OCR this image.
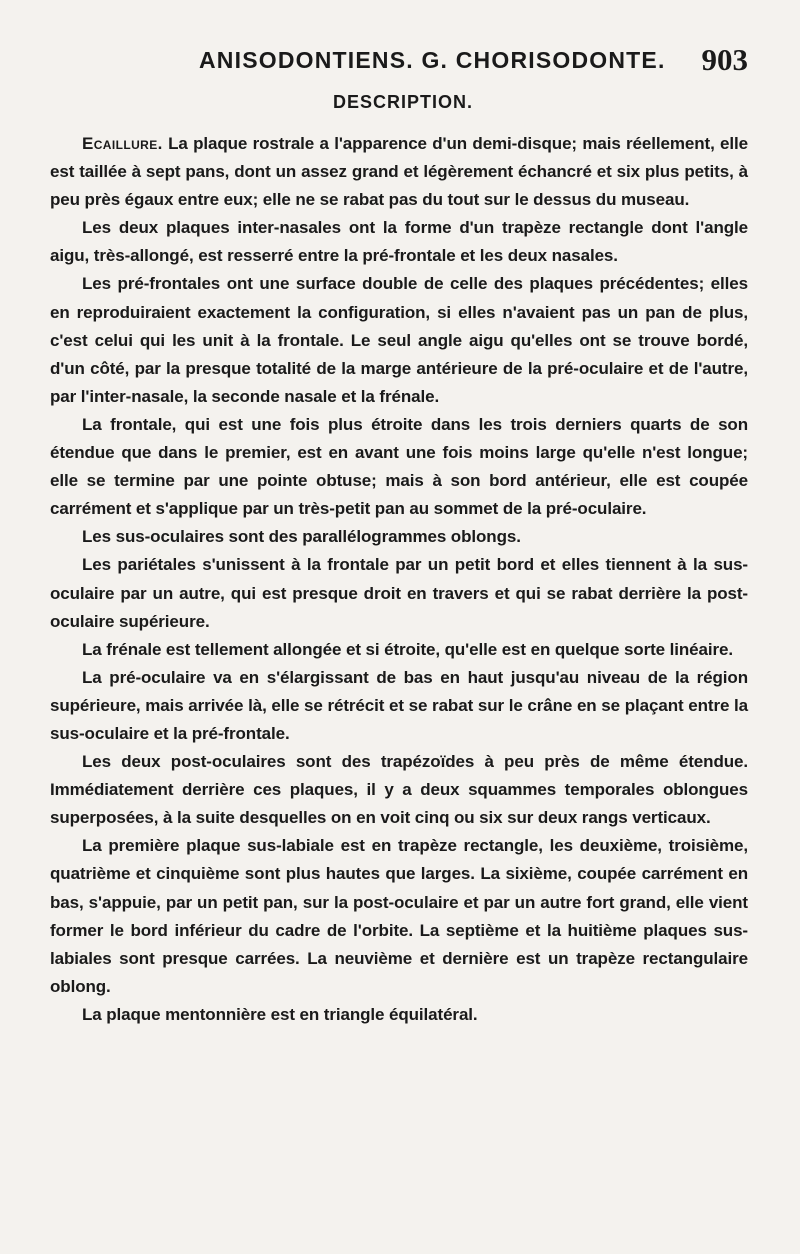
ANISODONTIENS. G. CHORISODONTE. 903
DESCRIPTION.

Ecaillure. La plaque rostrale a l'apparence d'un demi-disque; mais réellement, elle est taillée à sept pans, dont un assez grand et légèrement échancré et six plus petits, à peu près égaux entre eux; elle ne se rabat pas du tout sur le dessus du museau.

Les deux plaques inter-nasales ont la forme d'un trapèze rectangle dont l'angle aigu, très-allongé, est resserré entre la pré-frontale et les deux nasales.

Les pré-frontales ont une surface double de celle des plaques précédentes; elles en reproduiraient exactement la configuration, si elles n'avaient pas un pan de plus, c'est celui qui les unit à la frontale. Le seul angle aigu qu'elles ont se trouve bordé, d'un côté, par la presque totalité de la marge antérieure de la pré-oculaire et de l'autre, par l'inter-nasale, la seconde nasale et la frénale.

La frontale, qui est une fois plus étroite dans les trois derniers quarts de son étendue que dans le premier, est en avant une fois moins large qu'elle n'est longue; elle se termine par une pointe obtuse; mais à son bord antérieur, elle est coupée carrément et s'applique par un très-petit pan au sommet de la pré-oculaire.

Les sus-oculaires sont des parallélogrammes oblongs.

Les pariétales s'unissent à la frontale par un petit bord et elles tiennent à la sus-oculaire par un autre, qui est presque droit en travers et qui se rabat derrière la post-oculaire supérieure.

La frénale est tellement allongée et si étroite, qu'elle est en quelque sorte linéaire.

La pré-oculaire va en s'élargissant de bas en haut jusqu'au niveau de la région supérieure, mais arrivée là, elle se rétrécit et se rabat sur le crâne en se plaçant entre la sus-oculaire et la pré-frontale.

Les deux post-oculaires sont des trapézoïdes à peu près de même étendue. Immédiatement derrière ces plaques, il y a deux squammes temporales oblongues superposées, à la suite desquelles on en voit cinq ou six sur deux rangs verticaux.

La première plaque sus-labiale est en trapèze rectangle, les deuxième, troisième, quatrième et cinquième sont plus hautes que larges. La sixième, coupée carrément en bas, s'appuie, par un petit pan, sur la post-oculaire et par un autre fort grand, elle vient former le bord inférieur du cadre de l'orbite. La septième et la huitième plaques sus-labiales sont presque carrées. La neuvième et dernière est un trapèze rectangulaire oblong.

La plaque mentonnière est en triangle équilatéral.
